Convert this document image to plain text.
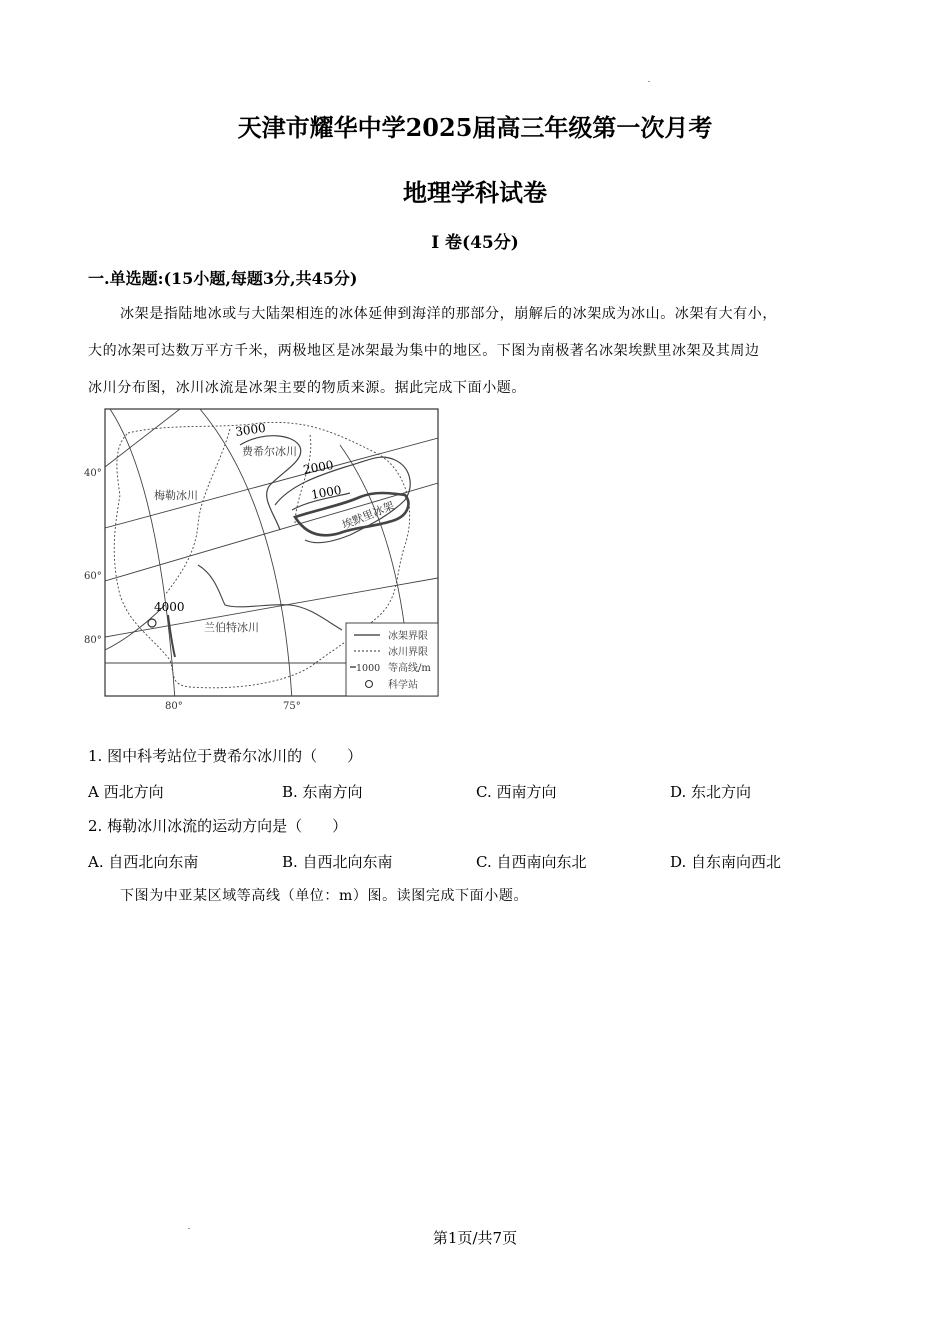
天津市耀华中学2025届高三年级第一次月考
地理学科试卷
Ⅰ 卷(45分)
一.单选题:(15小题,每题3分,共45分)
冰架是指陆地冰或与大陆架相连的冰体延伸到海洋的那部分，崩解后的冰架成为冰山。冰架有大有小，
大的冰架可达数万平方千米，两极地区是冰架最为集中的地区。下图为南极著名冰架埃默里冰架及其周边
冰川分布图，冰川冰流是冰架主要的物质来源。据此完成下面小题。
3000
2000
1000
4000
费希尔冰川
梅勒冰川
兰伯特冰川
埃默里冰架
40°
60°
80°
80°	75°
冰架界限
冰川界限
1000 等高线/m
科学站
1. 图中科考站位于费希尔冰川的（　　）
A 西北方向	B. 东南方向	C. 西南方向	D. 东北方向
2. 梅勒冰川冰流的运动方向是（　　）
A. 自西北向东南	B. 自西北向东南	C. 自西南向东北	D. 自东南向西北
下图为中亚某区域等高线（单位：m）图。读图完成下面小题。
第1页/共7页
